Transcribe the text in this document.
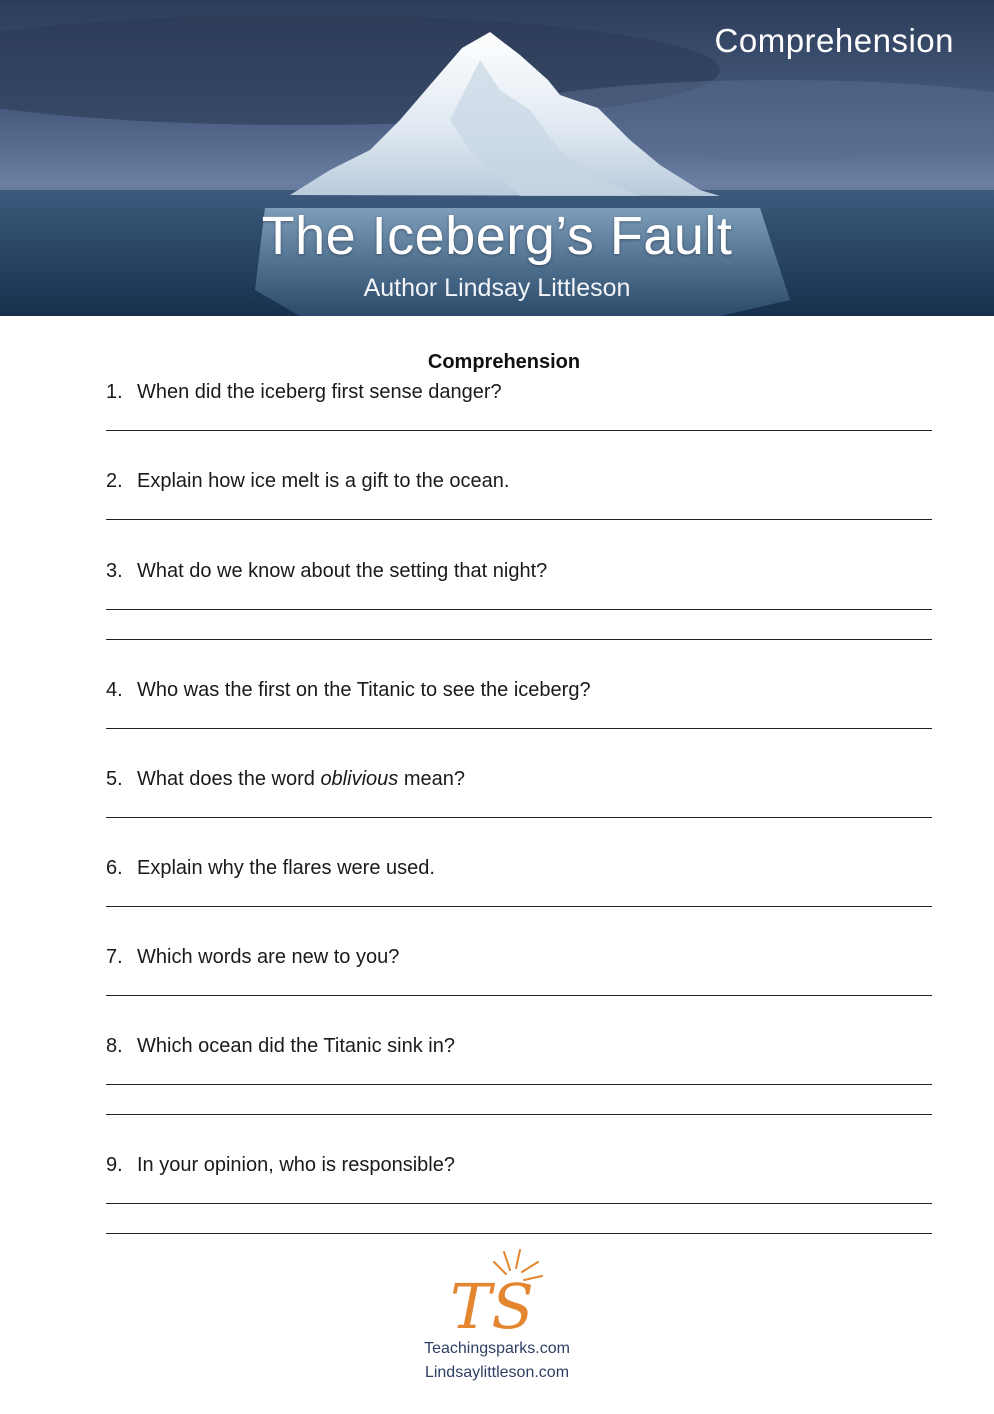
Comprehension
The Iceberg’s Fault
Author Lindsay Littleson
Comprehension
1. When did the iceberg first sense danger?
2. Explain how ice melt is a gift to the ocean.
3. What do we know about the setting that night?
4. Who was the first on the Titanic to see the iceberg?
5. What does the word oblivious mean?
6. Explain why the flares were used.
7. Which words are new to you?
8. Which ocean did the Titanic sink in?
9. In your opinion, who is responsible?
TS
Teachingsparks.com
Lindsaylittleson.com
